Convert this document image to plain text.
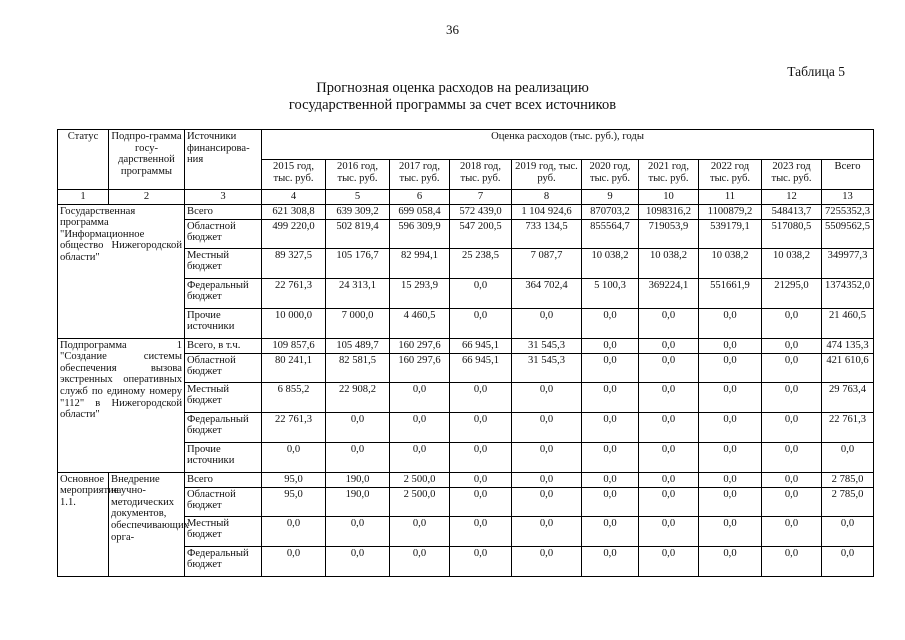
36
Таблица 5
Прогнозная оценка расходов на реализацию
государственной программы за счет всех источников
Статус	Подпро-грамма госу-дарственной программы	Источники финансирова-ния	Оценка расходов (тыс. руб.), годы									
			2015 год, тыс. руб.	2016 год, тыс. руб.	2017 год, тыс. руб.	2018 год, тыс. руб.	2019 год, тыс. руб.	2020 год, тыс. руб.	2021 год, тыс. руб.	2022 год тыс. руб.	2023 год тыс. руб.	Всего
1	2	3	4	5	6	7	8	9	10	11	12	13
Государственная программа "Информационное общество Нижегородской области"		Всего	621 308,8	639 309,2	699 058,4	572 439,0	1 104 924,6	870703,2	1098316,2	1100879,2	548413,7	7255352,3
		Областной бюджет	499 220,0	502 819,4	596 309,9	547 200,5	733 134,5	855564,7	719053,9	539179,1	517080,5	5509562,5
		Местный бюджет	89 327,5	105 176,7	82 994,1	25 238,5	7 087,7	10 038,2	10 038,2	10 038,2	10 038,2	349977,3
		Федеральный бюджет	22 761,3	24 313,1	15 293,9	0,0	364 702,4	5 100,3	369224,1	551661,9	21295,0	1374352,0
		Прочие источники	10 000,0	7 000,0	4 460,5	0,0	0,0	0,0	0,0	0,0	0,0	21 460,5
Подпрограмма 1 "Создание системы обеспечения вызова экстренных оперативных служб по единому номеру "112" в Нижегородской области"		Всего, в т.ч.	109 857,6	105 489,7	160 297,6	66 945,1	31 545,3	0,0	0,0	0,0	0,0	474 135,3
		Областной бюджет	80 241,1	82 581,5	160 297,6	66 945,1	31 545,3	0,0	0,0	0,0	0,0	421 610,6
		Местный бюджет	6 855,2	22 908,2	0,0	0,0	0,0	0,0	0,0	0,0	0,0	29 763,4
		Федеральный бюджет	22 761,3	0,0	0,0	0,0	0,0	0,0	0,0	0,0	0,0	22 761,3
		Прочие источники	0,0	0,0	0,0	0,0	0,0	0,0	0,0	0,0	0,0	0,0
Основное мероприятие 1.1.	Внедрение научно-методических документов, обеспечивающих орга-	Всего	95,0	190,0	2 500,0	0,0	0,0	0,0	0,0	0,0	0,0	2 785,0
		Областной бюджет	95,0	190,0	2 500,0	0,0	0,0	0,0	0,0	0,0	0,0	2 785,0
		Местный бюджет	0,0	0,0	0,0	0,0	0,0	0,0	0,0	0,0	0,0	0,0
		Федеральный бюджет	0,0	0,0	0,0	0,0	0,0	0,0	0,0	0,0	0,0	0,0
